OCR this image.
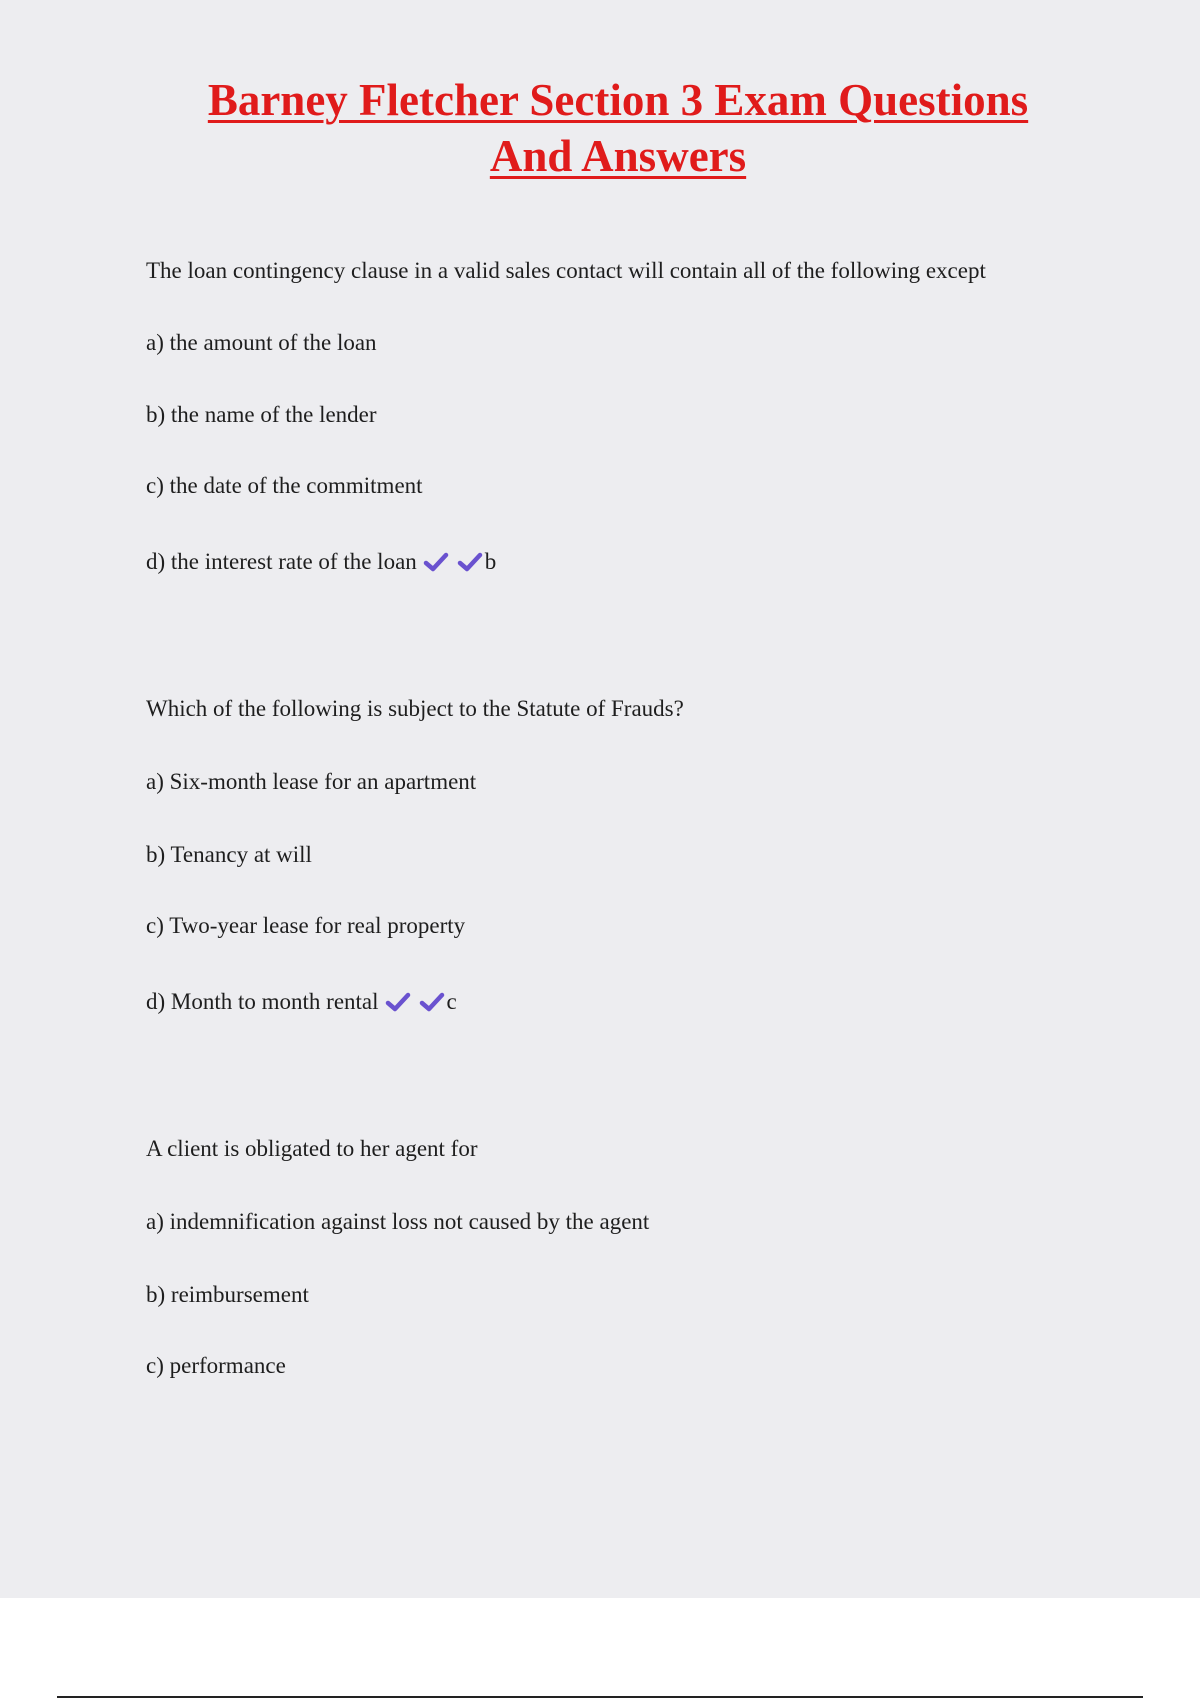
Barney Fletcher Section 3 Exam Questions
And Answers

The loan contingency clause in a valid sales contact will contain all of the following except

a) the amount of the loan

b) the name of the lender

c) the date of the commitment

d) the interest rate of the loan	b

Which of the following is subject to the Statute of Frauds?

a) Six-month lease for an apartment

b) Tenancy at will

c) Two-year lease for real property

d) Month to month rental	c

A client is obligated to her agent for

a) indemnification against loss not caused by the agent

b) reimbursement

c) performance
